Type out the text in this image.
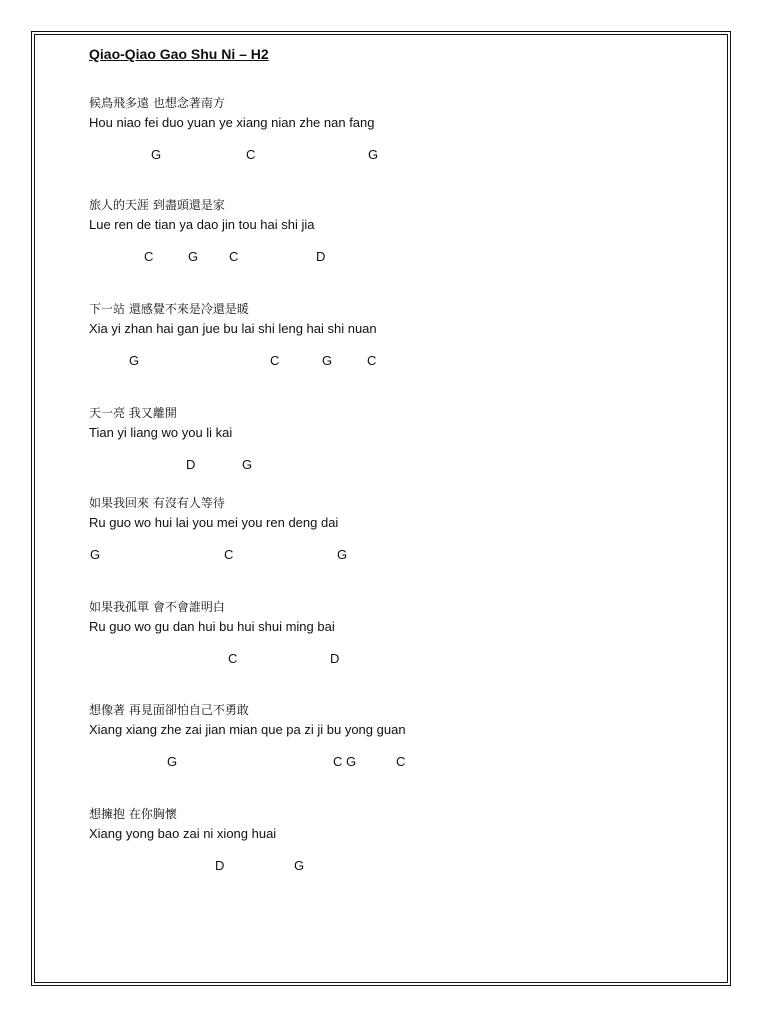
Qiao-Qiao Gao Shu Ni – H2
候鳥飛多遠 也想念著南方
Hou niao fei duo yuan ye xiang nian zhe nan fang
G	C	G
旅人的天涯 到盡頭還是家
Lue ren de tian ya dao jin tou hai shi jia
C	G C	D
下一站 還感覺不來是冷還是暖
Xia yi zhan hai gan jue bu lai shi leng hai shi nuan
G	C	G	C
天一亮 我又離開
Tian yi liang wo you li kai
D	G
如果我回來 有沒有人等待
Ru guo wo hui lai you mei you ren deng dai
G	C	G
如果我孤單 會不會誰明白
Ru guo wo gu dan hui bu hui shui ming bai
C	D
想像著 再見面卻怕自己不勇敢
Xiang xiang zhe zai jian mian que pa zi ji bu yong guan
G	C G	C
想擁抱 在你胸懷
Xiang yong bao zai ni xiong huai
D	G
